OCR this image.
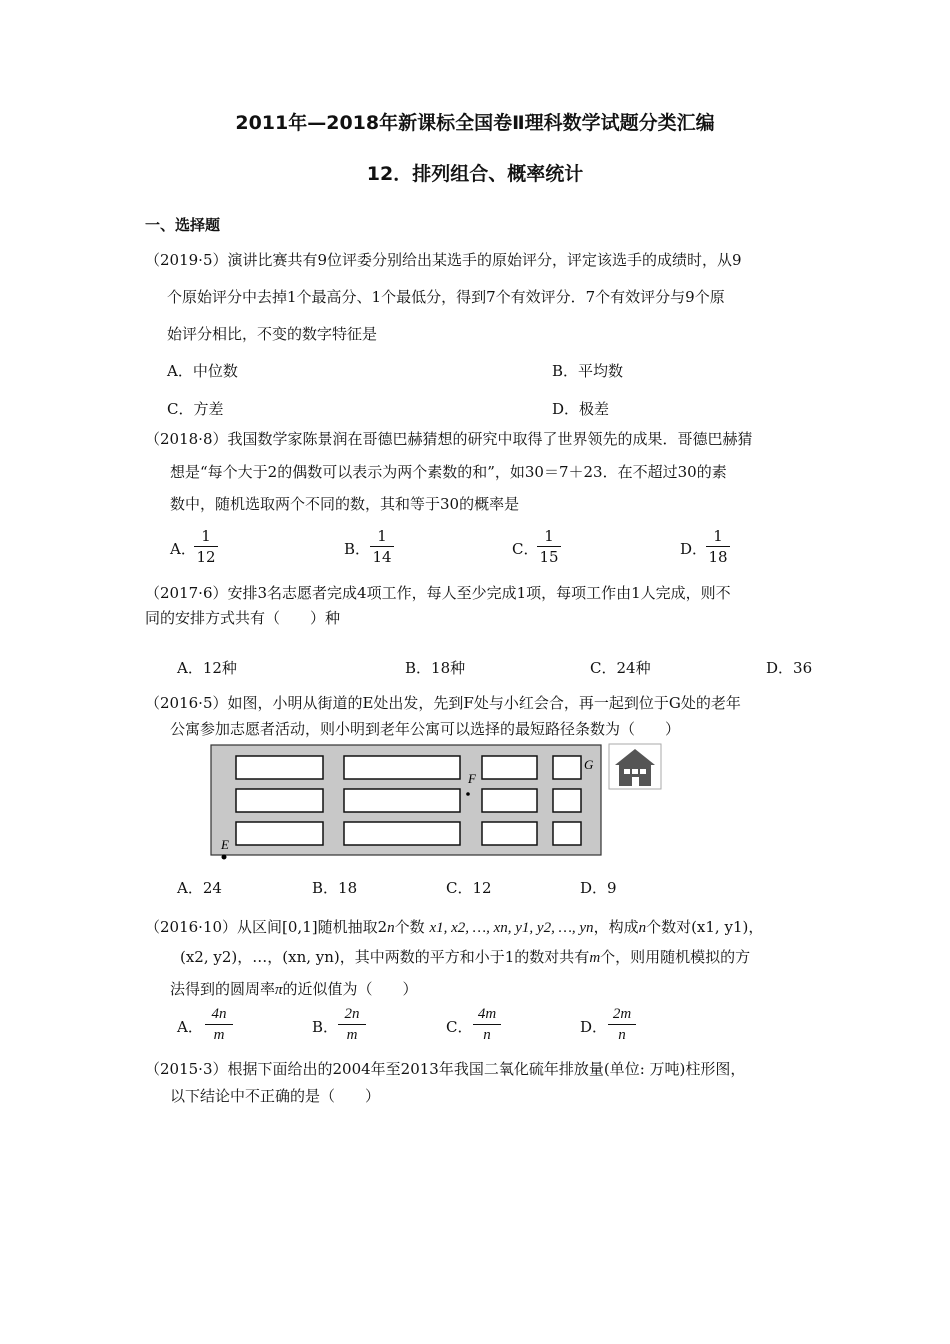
2011年—2018年新课标全国卷Ⅱ理科数学试题分类汇编
12．排列组合、概率统计
一、选择题
（2019·5）演讲比赛共有9位评委分别给出某选手的原始评分，评定该选手的成绩时，从9
个原始评分中去掉1个最高分、1个最低分，得到7个有效评分．7个有效评分与9个原
始评分相比，不变的数字特征是
A．中位数	B．平均数
C．方差	D．极差
（2018·8）我国数学家陈景润在哥德巴赫猜想的研究中取得了世界领先的成果．哥德巴赫猜
想是“每个大于2的偶数可以表示为两个素数的和”，如30＝7＋23．在不超过30的素
数中，随机选取两个不同的数，其和等于30的概率是
A．
1
12	B．
1
14	C．
1
15	D．
1
18
（2017·6）安排3名志愿者完成4项工作，每人至少完成1项，每项工作由1人完成，则不
同的安排方式共有（　　）种
A．12种	B．18种	C．24种	D．36
（2016·5）如图，小明从街道的E处出发，先到F处与小红会合，再一起到位于G处的老年
公寓参加志愿者活动，则小明到老年公寓可以选择的最短路径条数为（　　）
E
F
G
A．24	B．18	C．12	D．9
（2016·10）从区间[0,1]随机抽取2n个数 x1, x2, …, xn, y1, y2, …, yn，构成n个数对(x1, y1)，
(x2, y2)，…，(xn, yn)，其中两数的平方和小于1的数对共有m个，则用随机模拟的方
法得到的圆周率π的近似值为（　　）
A．
4n
m	B．
2n
m	C．
4m
n	D．
2m
n
（2015·3）根据下面给出的2004年至2013年我国二氧化硫年排放量(单位: 万吨)柱形图，
以下结论中不正确的是（　　）
